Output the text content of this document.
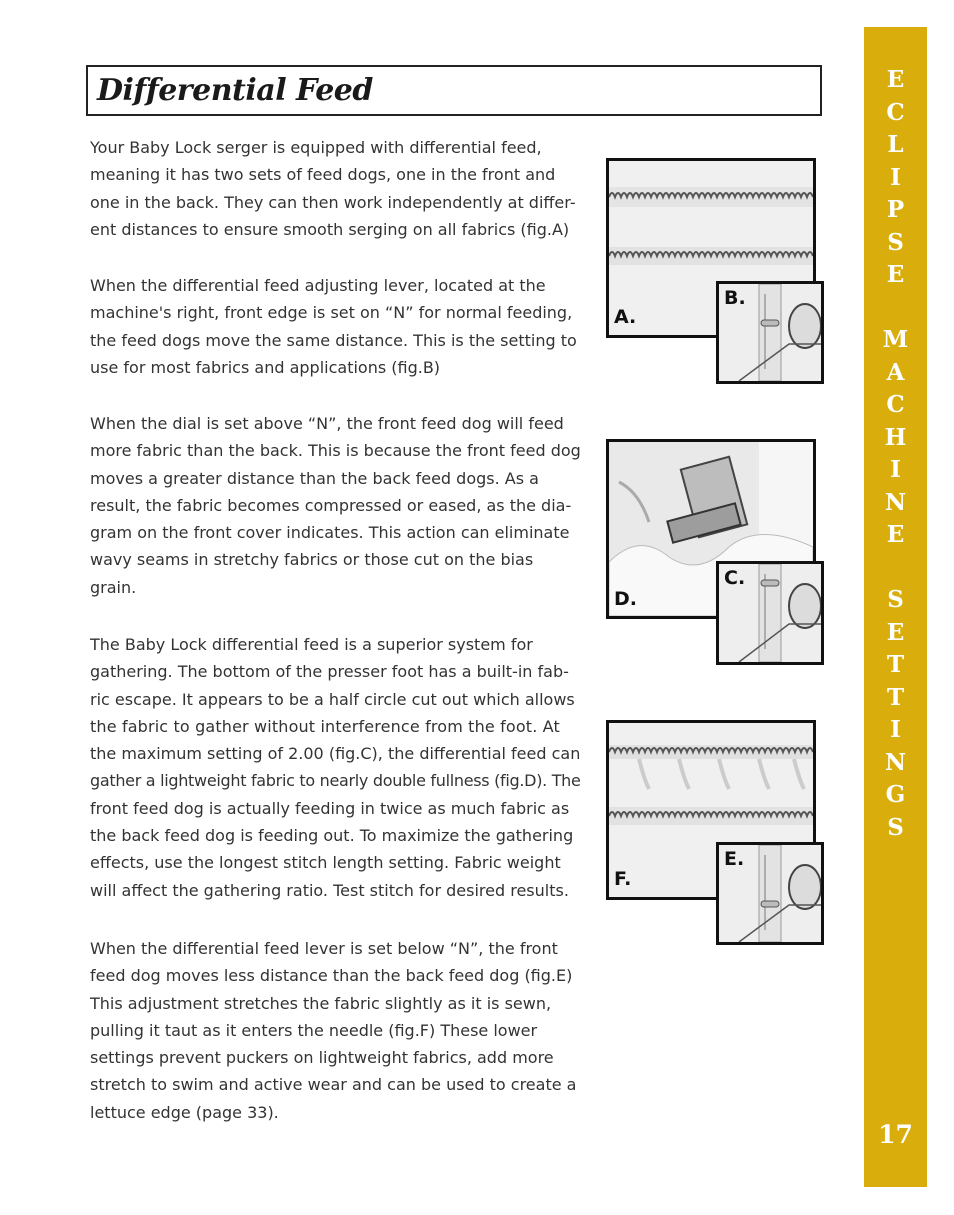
Differential Feed
Your Baby Lock serger is equipped with differential feed,
meaning it has two sets of feed dogs, one in the front and
one in the back. They can then work independently at differ-
ent distances to ensure smooth serging on all fabrics (fig.A)
When the differential feed adjusting lever, located at the
machine's right, front edge is set on “N” for normal feeding,
the feed dogs move the same distance. This is the setting to
use for most fabrics and applications (fig.B)
When the dial is set above “N”, the front feed dog will feed
more fabric than the back. This is because the front feed dog
moves a greater distance than the back feed dogs. As a
result, the fabric becomes compressed or eased, as the dia-
gram on the front cover indicates. This action can eliminate
wavy seams in stretchy fabrics or those cut on the bias
grain.
The Baby Lock differential feed is a superior system for
gathering. The bottom of the presser foot has a built-in fab-
ric escape. It appears to be a half circle cut out which allows
the fabric to gather without interference from the foot. At
the maximum setting of 2.00 (fig.C), the differential feed can
gather a lightweight fabric to nearly double fullness (fig.D). The
front feed dog is actually feeding in twice as much fabric as
the back feed dog is feeding out. To maximize the gathering
effects, use the longest stitch length setting. Fabric weight
will affect the gathering ratio. Test stitch for desired results.
When the differential feed lever is set below “N”, the front
feed dog moves less distance than the back feed dog (fig.E)
This adjustment stretches the fabric slightly as it is sewn,
pulling it taut as it enters the needle (fig.F) These lower
settings prevent puckers on lightweight fabrics, add more
stretch to swim and active wear and can be used to create a
lettuce edge (page 33).
A.
B.
D.
C.
F.
E.
E
C
L
I
P
S
E
M
A
C
H
I
N
E
S
E
T
T
I
N
G
S
17
